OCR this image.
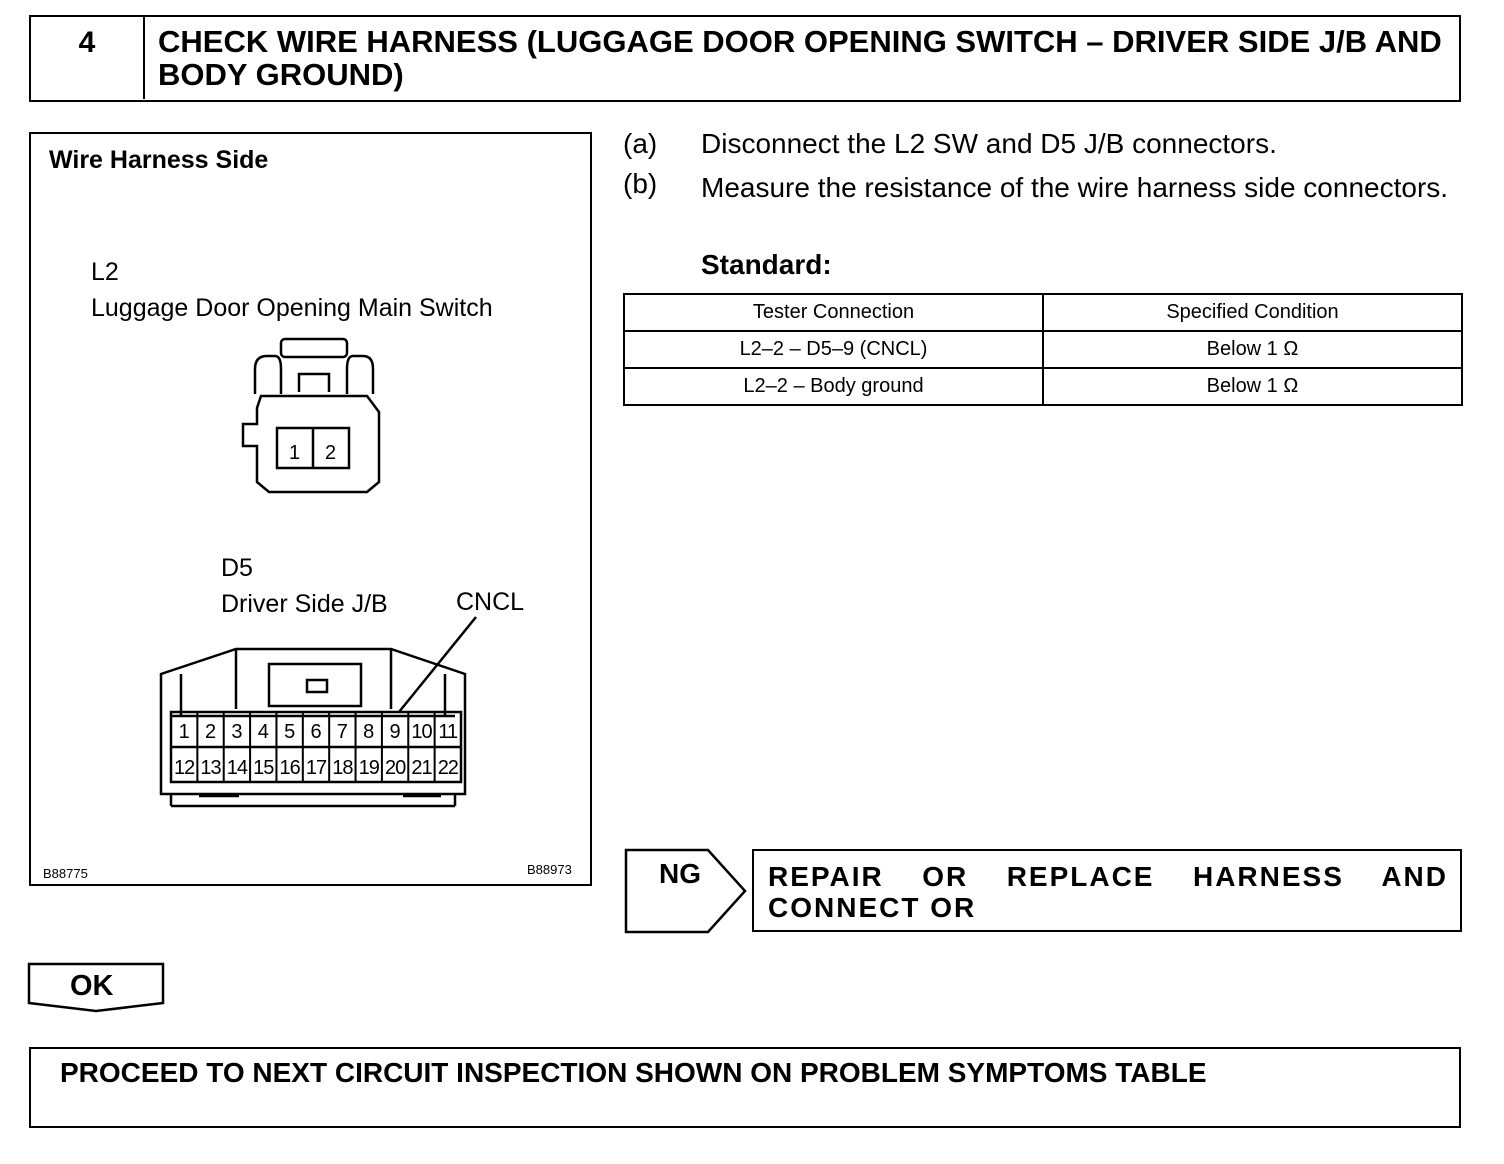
4	CHECK WIRE HARNESS (LUGGAGE DOOR OPENING SWITCH – DRIVER SIDE J/B AND BODY GROUND)
Wire Harness Side
L2
Luggage Door Opening Main Switch
1 2
D5
Driver Side J/B	CNCL
1 2 3 4 5 6 7 8 9 10 11
12 13 14 15 16 17 18 19 20 21 22
B88775	B88973
(a) Disconnect the L2 SW and D5 J/B connectors.
(b) Measure the resistance of the wire harness side connectors.
Standard:
Tester Connection	Specified Condition
L2–2 – D5–9 (CNCL)	Below 1 Ω
L2–2 – Body ground	Below 1 Ω
NG REPAIR OR REPLACE HARNESS AND CONNECT OR
OK
PROCEED TO NEXT CIRCUIT INSPECTION SHOWN ON PROBLEM SYMPTOMS TABLE
